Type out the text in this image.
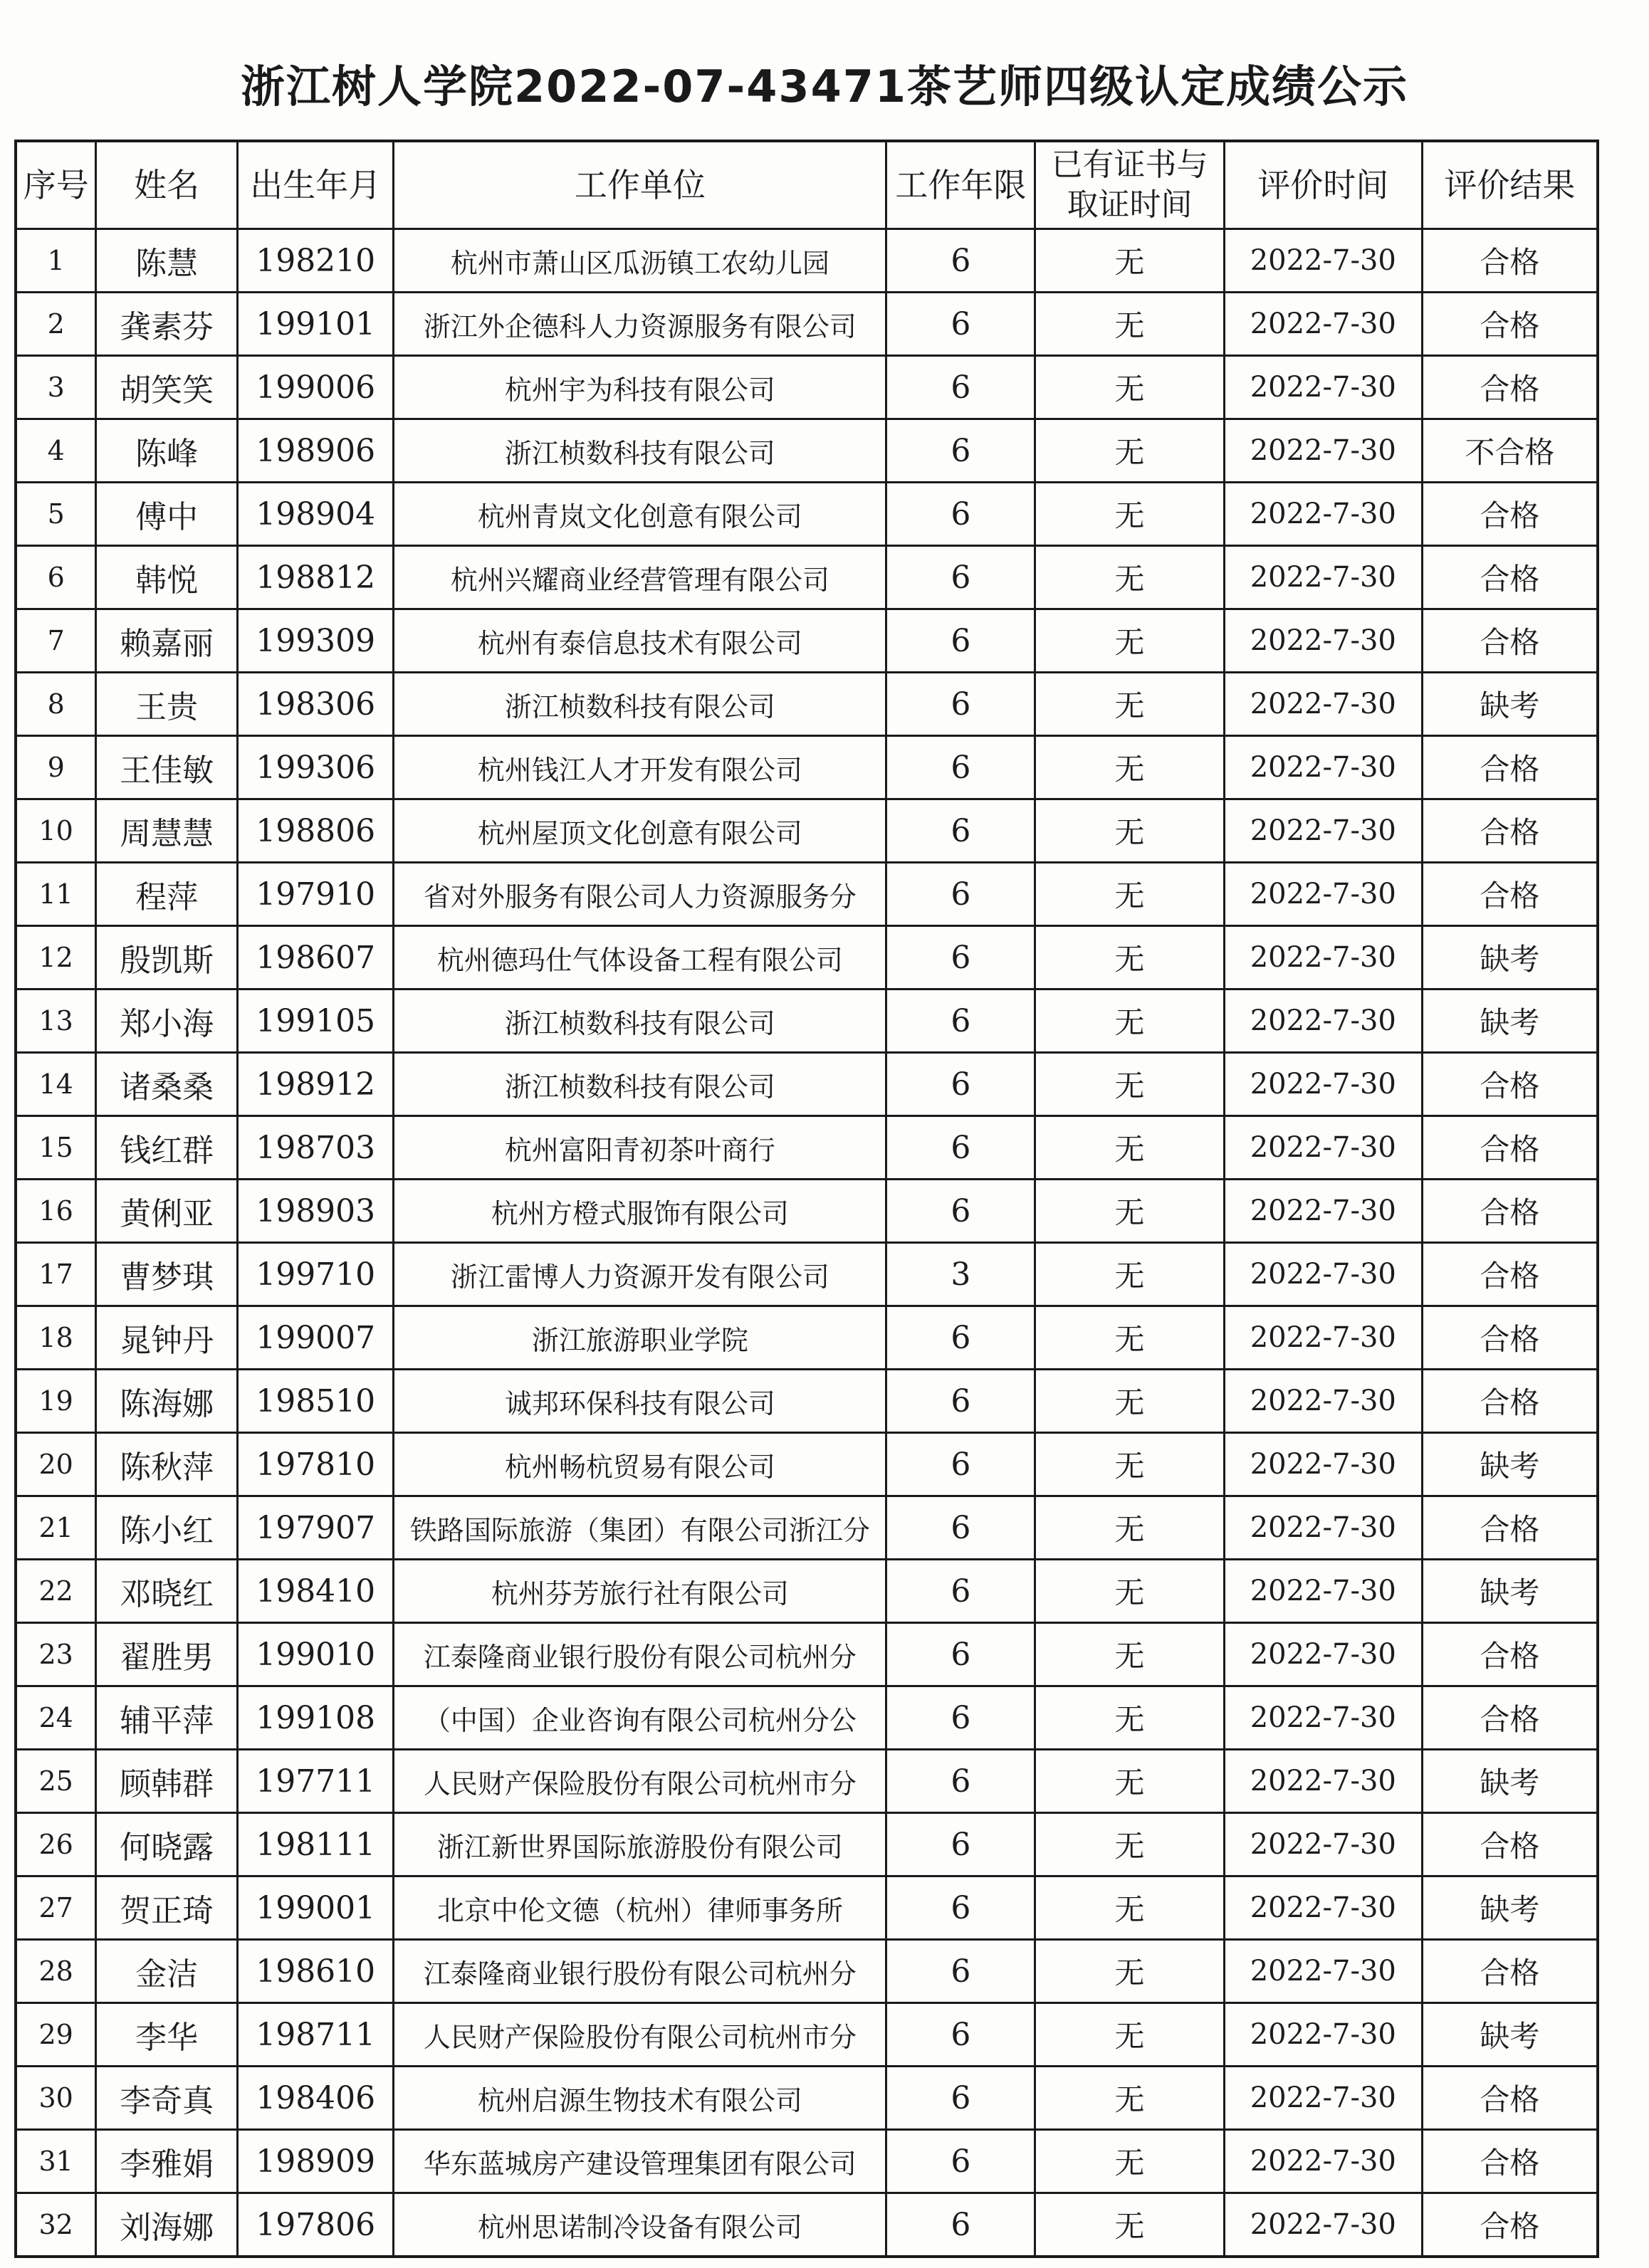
浙江树人学院2022-07-43471茶艺师四级认定成绩公示
序号	姓名	出生年月	工作单位	工作年限	已有证书与
取证时间	评价时间	评价结果
1	陈慧	198210	杭州市萧山区瓜沥镇工农幼儿园	6	无	2022-7-30	合格
2	龚素芬	199101	浙江外企德科人力资源服务有限公司	6	无	2022-7-30	合格
3	胡笑笑	199006	杭州宇为科技有限公司	6	无	2022-7-30	合格
4	陈峰	198906	浙江桢数科技有限公司	6	无	2022-7-30	不合格
5	傅中	198904	杭州青岚文化创意有限公司	6	无	2022-7-30	合格
6	韩悦	198812	杭州兴耀商业经营管理有限公司	6	无	2022-7-30	合格
7	赖嘉丽	199309	杭州有泰信息技术有限公司	6	无	2022-7-30	合格
8	王贵	198306	浙江桢数科技有限公司	6	无	2022-7-30	缺考
9	王佳敏	199306	杭州钱江人才开发有限公司	6	无	2022-7-30	合格
10	周慧慧	198806	杭州屋顶文化创意有限公司	6	无	2022-7-30	合格
11	程萍	197910	省对外服务有限公司人力资源服务分	6	无	2022-7-30	合格
12	殷凯斯	198607	杭州德玛仕气体设备工程有限公司	6	无	2022-7-30	缺考
13	郑小海	199105	浙江桢数科技有限公司	6	无	2022-7-30	缺考
14	诸桑桑	198912	浙江桢数科技有限公司	6	无	2022-7-30	合格
15	钱红群	198703	杭州富阳青初茶叶商行	6	无	2022-7-30	合格
16	黄俐亚	198903	杭州方橙式服饰有限公司	6	无	2022-7-30	合格
17	曹梦琪	199710	浙江雷博人力资源开发有限公司	3	无	2022-7-30	合格
18	晁钟丹	199007	浙江旅游职业学院	6	无	2022-7-30	合格
19	陈海娜	198510	诚邦环保科技有限公司	6	无	2022-7-30	合格
20	陈秋萍	197810	杭州畅杭贸易有限公司	6	无	2022-7-30	缺考
21	陈小红	197907	铁路国际旅游（集团）有限公司浙江分	6	无	2022-7-30	合格
22	邓晓红	198410	杭州芬芳旅行社有限公司	6	无	2022-7-30	缺考
23	翟胜男	199010	江泰隆商业银行股份有限公司杭州分	6	无	2022-7-30	合格
24	辅平萍	199108	（中国）企业咨询有限公司杭州分公	6	无	2022-7-30	合格
25	顾韩群	197711	人民财产保险股份有限公司杭州市分	6	无	2022-7-30	缺考
26	何晓露	198111	浙江新世界国际旅游股份有限公司	6	无	2022-7-30	合格
27	贺正琦	199001	北京中伦文德（杭州）律师事务所	6	无	2022-7-30	缺考
28	金洁	198610	江泰隆商业银行股份有限公司杭州分	6	无	2022-7-30	合格
29	李华	198711	人民财产保险股份有限公司杭州市分	6	无	2022-7-30	缺考
30	李奇真	198406	杭州启源生物技术有限公司	6	无	2022-7-30	合格
31	李雅娟	198909	华东蓝城房产建设管理集团有限公司	6	无	2022-7-30	合格
32	刘海娜	197806	杭州思诺制冷设备有限公司	6	无	2022-7-30	合格
